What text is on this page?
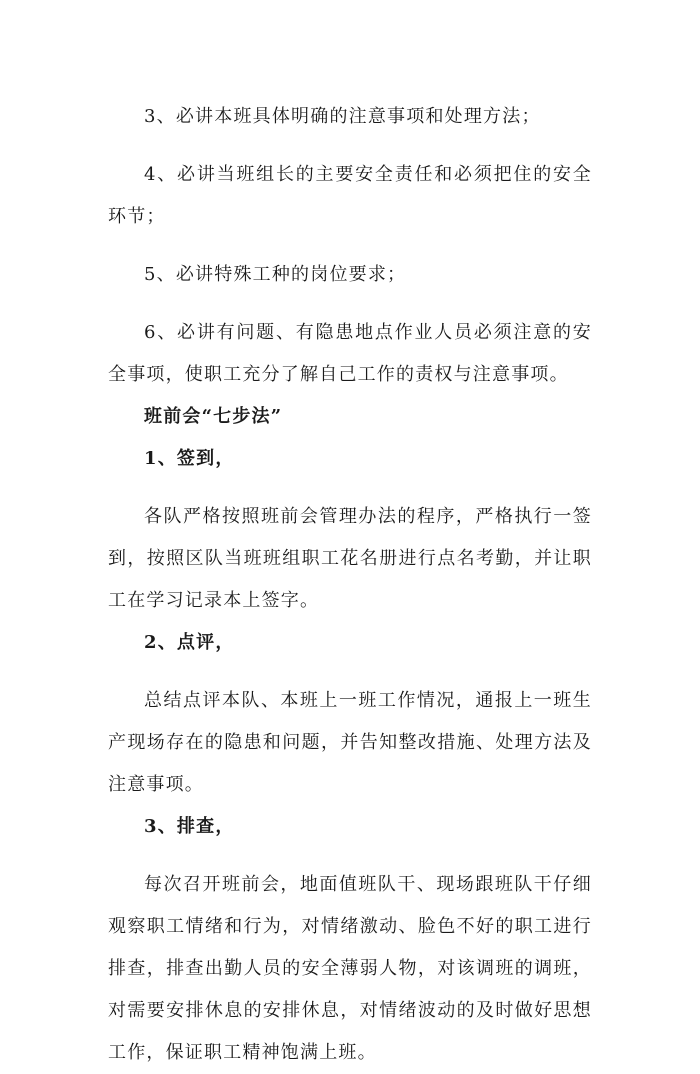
3、必讲本班具体明确的注意事项和处理方法；

4、必讲当班组长的主要安全责任和必须把住的安全环节；

5、必讲特殊工种的岗位要求；

6、必讲有问题、有隐患地点作业人员必须注意的安全事项，使职工充分了解自己工作的责权与注意事项。

班前会“七步法”

1、签到，

各队严格按照班前会管理办法的程序，严格执行一签到，按照区队当班班组职工花名册进行点名考勤，并让职工在学习记录本上签字。

2、点评，

总结点评本队、本班上一班工作情况，通报上一班生产现场存在的隐患和问题，并告知整改措施、处理方法及注意事项。

3、排查，

每次召开班前会，地面值班队干、现场跟班队干仔细观察职工情绪和行为，对情绪激动、脸色不好的职工进行排查，排查出勤人员的安全薄弱人物，对该调班的调班，对需要安排休息的安排休息，对情绪波动的及时做好思想工作，保证职工精神饱满上班。
